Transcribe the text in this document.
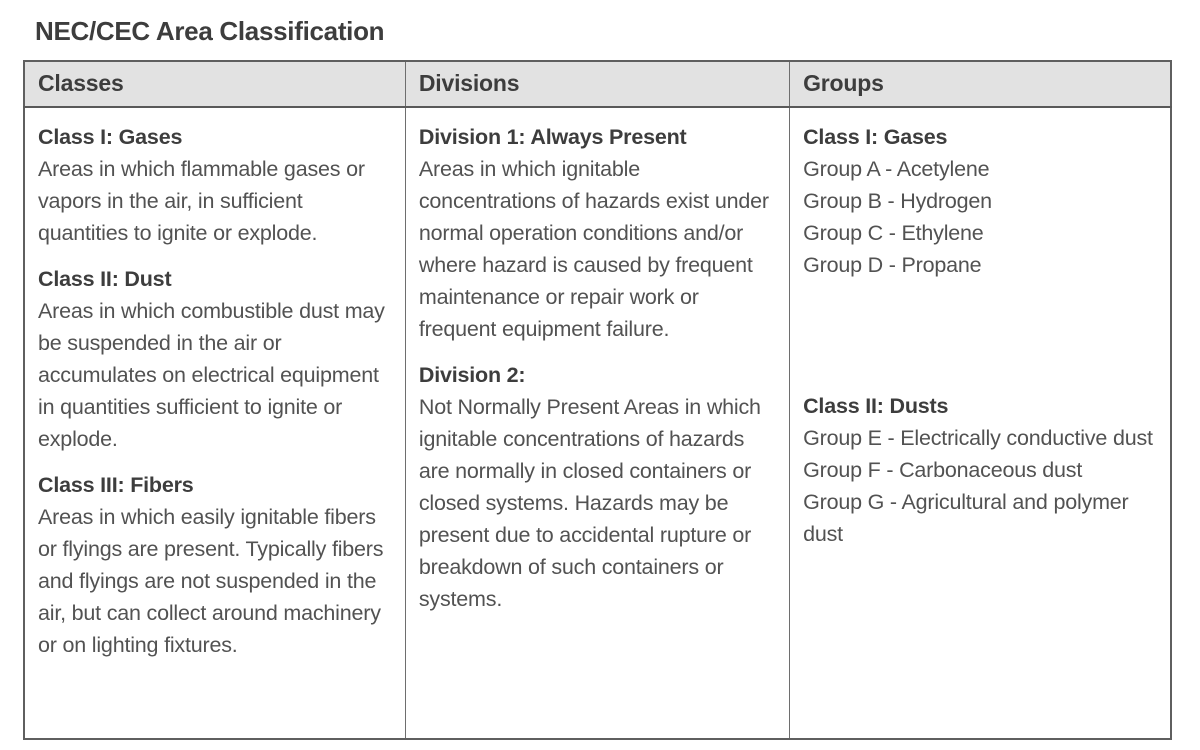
NEC/CEC Area Classification
Classes	Divisions	Groups

Class I: Gases
Areas in which flammable gases or vapors in the air, in sufficient quantities to ignite or explode.
Class II: Dust
Areas in which combustible dust may be suspended in the air or accumulates on electrical equipment in quantities sufficient to ignite or explode.
Class III: Fibers
Areas in which easily ignitable fibers or flyings are present. Typically fibers and flyings are not suspended in the air, but can collect around machinery or on lighting fixtures.

Division 1: Always Present
Areas in which ignitable concentrations of hazards exist under normal operation conditions and/or where hazard is caused by frequent maintenance or repair work or frequent equipment failure.
Division 2:
Not Normally Present Areas in which ignitable concentrations of hazards are normally in closed containers or closed systems. Hazards may be present due to accidental rupture or breakdown of such containers or systems.

Class I: Gases
Group A - Acetylene
Group B - Hydrogen
Group C - Ethylene
Group D - Propane
Class II: Dusts
Group E - Electrically conductive dust
Group F - Carbonaceous dust
Group G - Agricultural and polymer dust
